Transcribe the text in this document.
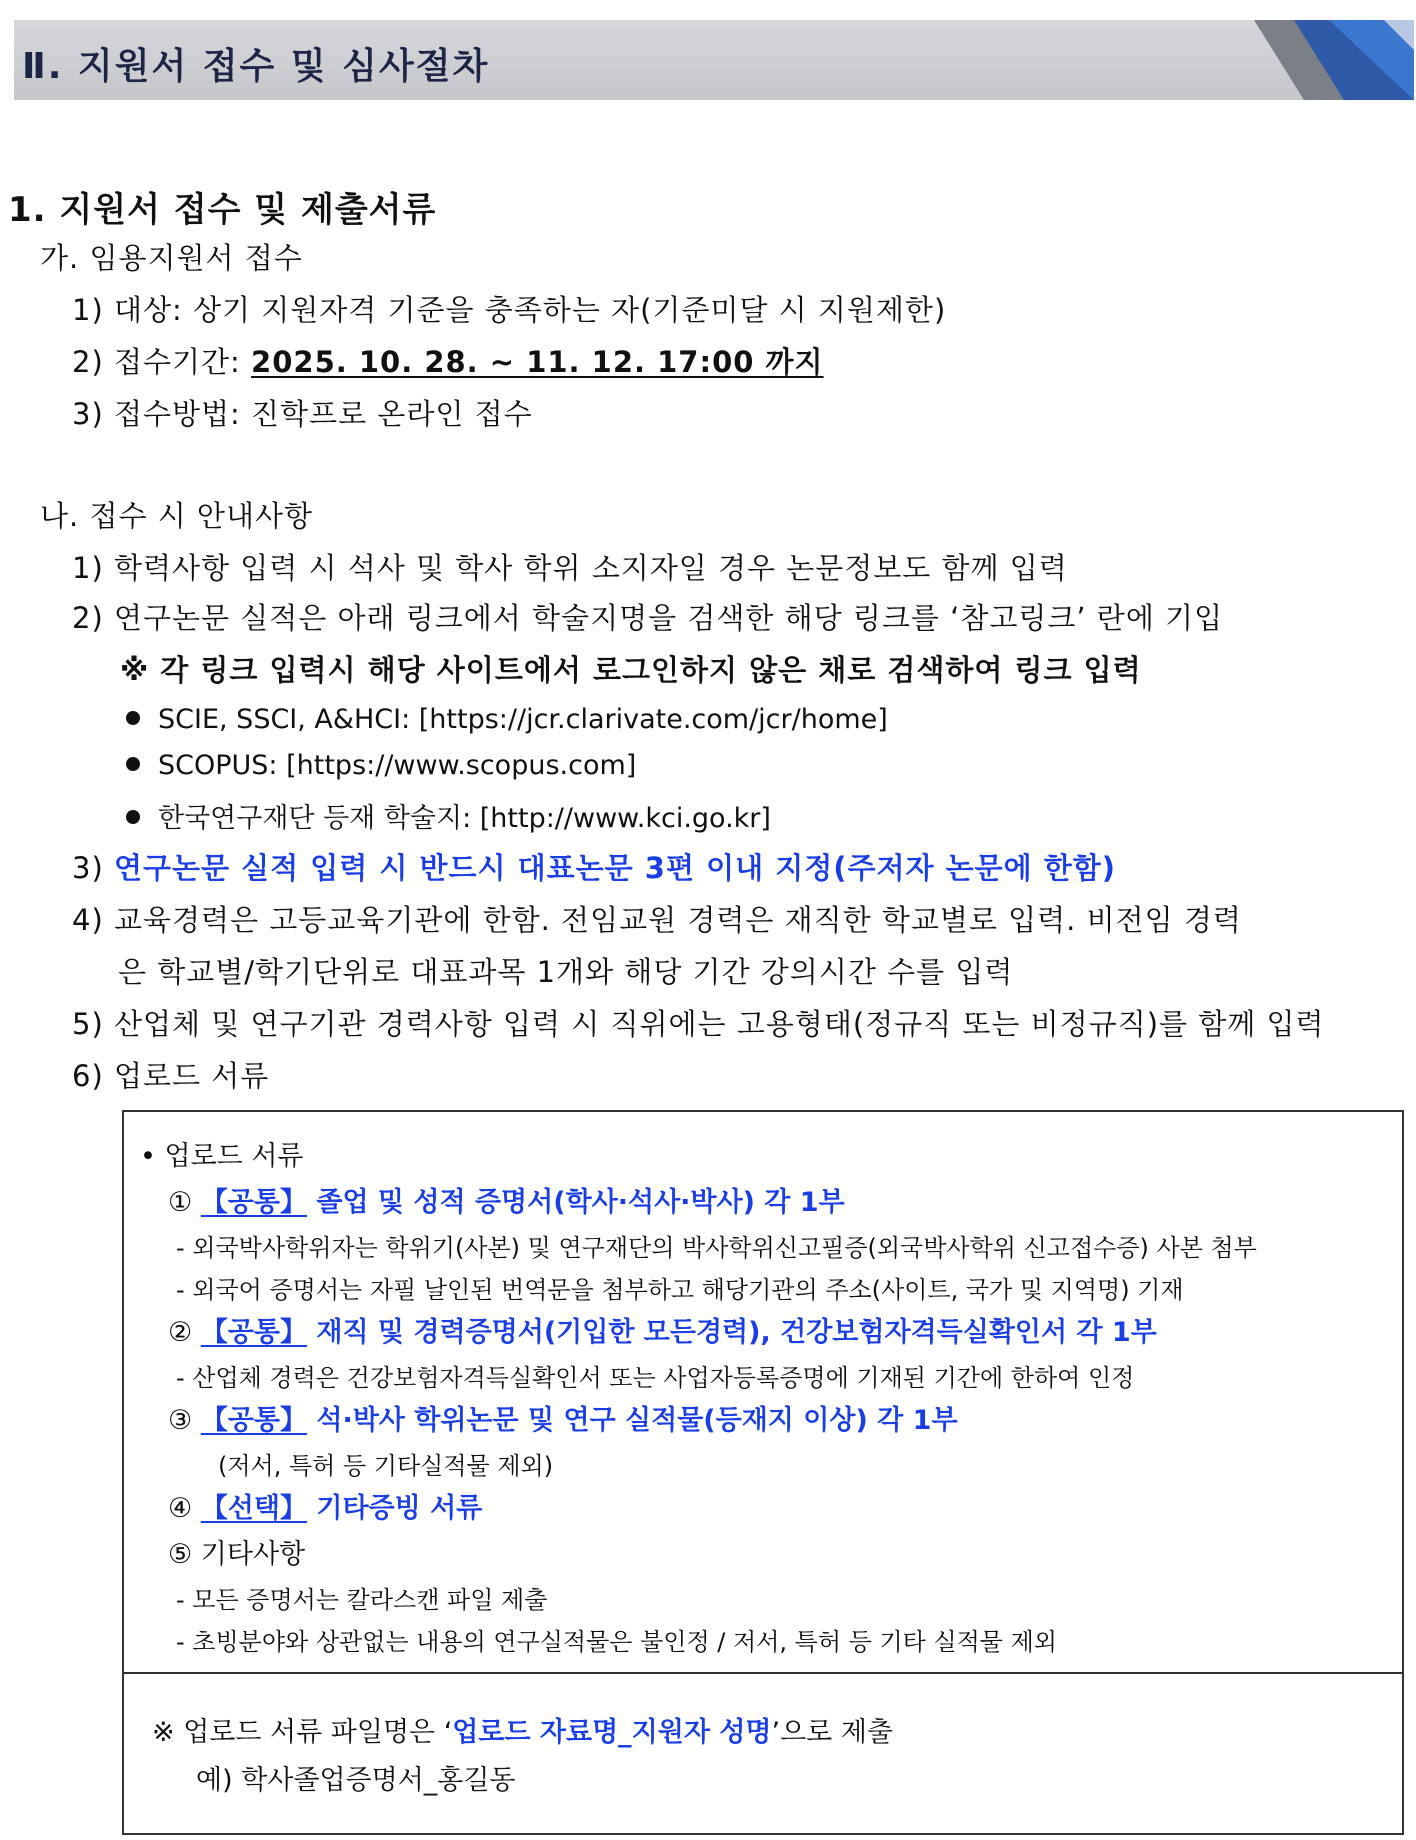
Ⅱ. 지원서 접수 및 심사절차
1. 지원서 접수 및 제출서류
가. 임용지원서 접수
1) 대상: 상기 지원자격 기준을 충족하는 자(기준미달 시 지원제한)
2) 접수기간: 2025. 10. 28. ~ 11. 12. 17:00 까지
3) 접수방법: 진학프로 온라인 접수
나. 접수 시 안내사항
1) 학력사항 입력 시 석사 및 학사 학위 소지자일 경우 논문정보도 함께 입력
2) 연구논문 실적은 아래 링크에서 학술지명을 검색한 해당 링크를 ‘참고링크’ 란에 기입
※ 각 링크 입력시 해당 사이트에서 로그인하지 않은 채로 검색하여 링크 입력
SCIE, SSCI, A&HCI: [https://jcr.clarivate.com/jcr/home]
SCOPUS: [https://www.scopus.com]
한국연구재단 등재 학술지: [http://www.kci.go.kr]
3) 연구논문 실적 입력 시 반드시 대표논문 3편 이내 지정(주저자 논문에 한함)
4) 교육경력은 고등교육기관에 한함. 전임교원 경력은 재직한 학교별로 입력. 비전임 경력
은 학교별/학기단위로 대표과목 1개와 해당 기간 강의시간 수를 입력
5) 산업체 및 연구기관 경력사항 입력 시 직위에는 고용형태(정규직 또는 비정규직)를 함께 입력
6) 업로드 서류
• 업로드 서류
① 【공통】 졸업 및 성적 증명서(학사·석사·박사) 각 1부
- 외국박사학위자는 학위기(사본) 및 연구재단의 박사학위신고필증(외국박사학위 신고접수증) 사본 첨부
- 외국어 증명서는 자필 날인된 번역문을 첨부하고 해당기관의 주소(사이트, 국가 및 지역명) 기재
② 【공통】 재직 및 경력증명서(기입한 모든경력), 건강보험자격득실확인서 각 1부
- 산업체 경력은 건강보험자격득실확인서 또는 사업자등록증명에 기재된 기간에 한하여 인정
③ 【공통】 석·박사 학위논문 및 연구 실적물(등재지 이상) 각 1부
(저서, 특허 등 기타실적물 제외)
④ 【선택】 기타증빙 서류
⑤ 기타사항
- 모든 증명서는 칼라스캔 파일 제출
- 초빙분야와 상관없는 내용의 연구실적물은 불인정 / 저서, 특허 등 기타 실적물 제외
※ 업로드 서류 파일명은 ‘업로드 자료명_지원자 성명’으로 제출
예) 학사졸업증명서_홍길동
